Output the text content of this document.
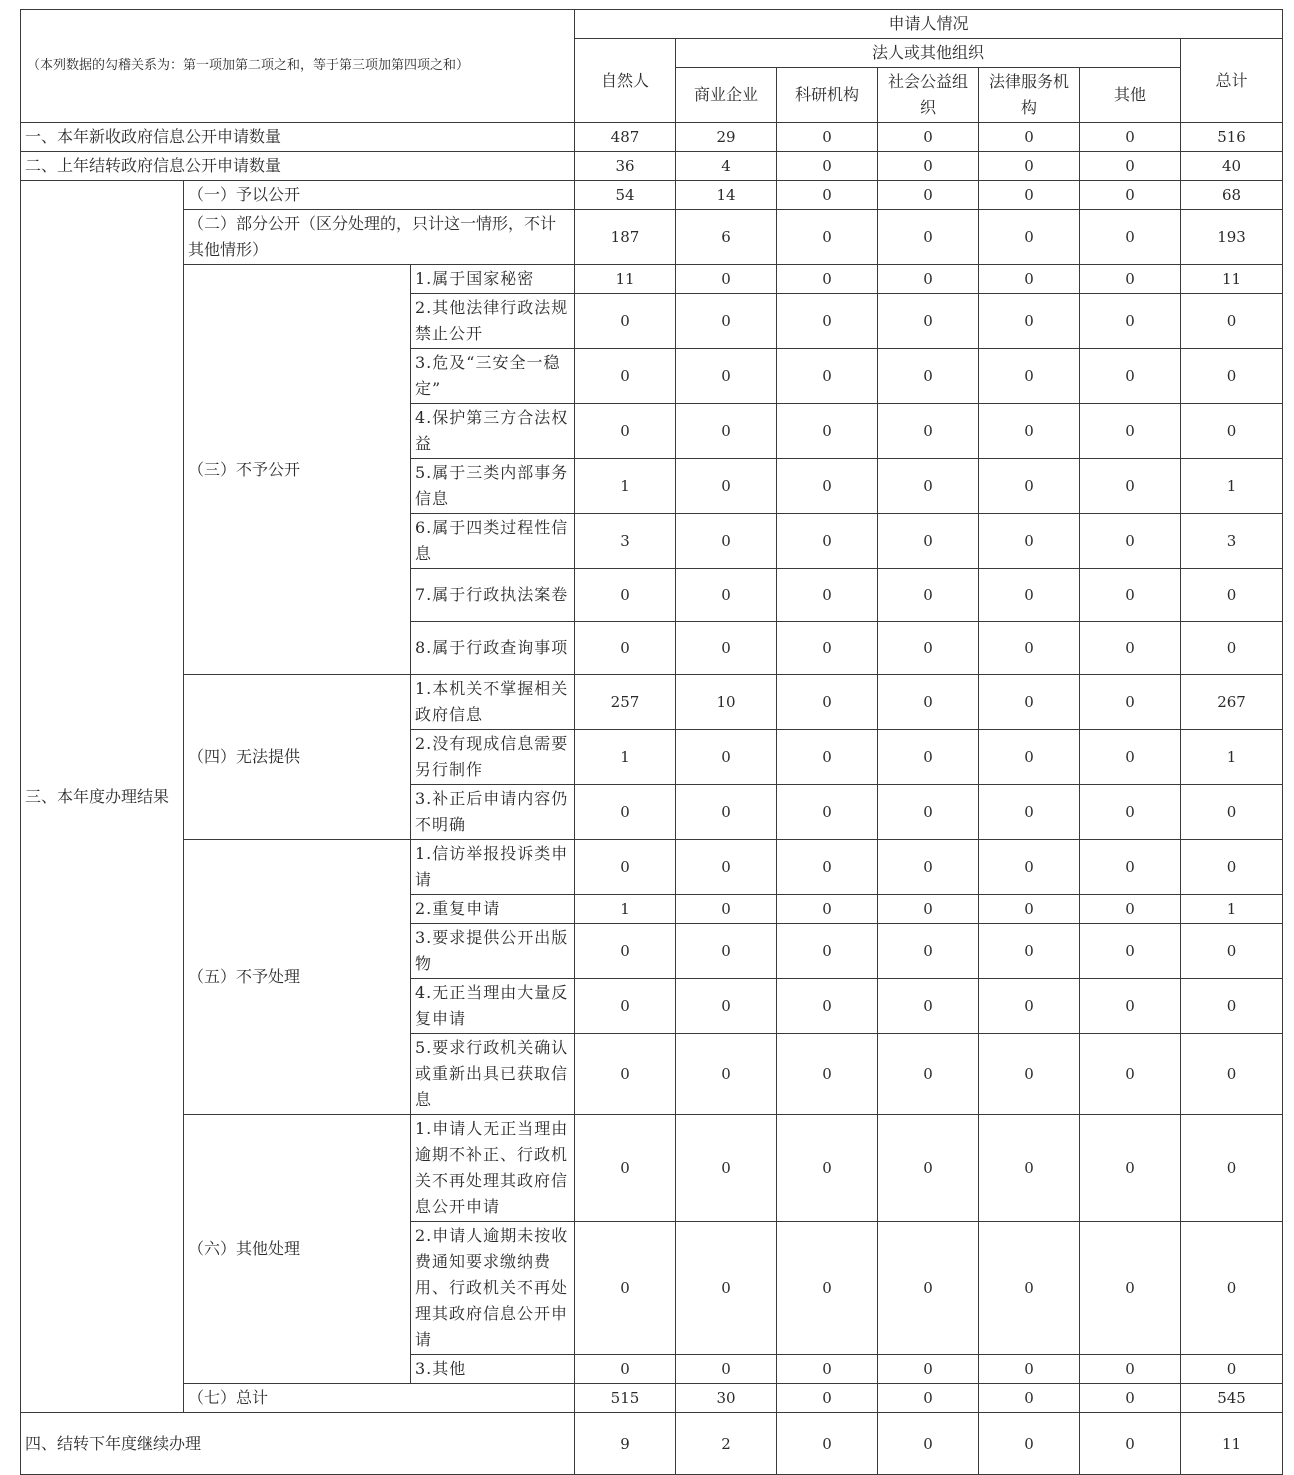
（本列数据的勾稽关系为：第一项加第二项之和，等于第三项加第四项之和）			申请人情况						
			自然人	法人或其他组织					总计
				商业企业	科研机构	社会公益组织	法律服务机构	其他	
一、本年新收政府信息公开申请数量			487	29	0	0	0	0	516
二、上年结转政府信息公开申请数量			36	4	0	0	0	0	40
三、本年度办理结果	（一）予以公开		54	14	0	0	0	0	68
	（二）部分公开（区分处理的，只计这一情形，不计其他情形）		187	6	0	0	0	0	193
	（三）不予公开	1.属于国家秘密	11	0	0	0	0	0	11
		2.其他法律行政法规禁止公开	0	0	0	0	0	0	0
		3.危及“三安全一稳定”	0	0	0	0	0	0	0
		4.保护第三方合法权益	0	0	0	0	0	0	0
		5.属于三类内部事务信息	1	0	0	0	0	0	1
		6.属于四类过程性信息	3	0	0	0	0	0	3
		7.属于行政执法案卷	0	0	0	0	0	0	0
		8.属于行政查询事项	0	0	0	0	0	0	0
	（四）无法提供	1.本机关不掌握相关政府信息	257	10	0	0	0	0	267
		2.没有现成信息需要另行制作	1	0	0	0	0	0	1
		3.补正后申请内容仍不明确	0	0	0	0	0	0	0
	（五）不予处理	1.信访举报投诉类申请	0	0	0	0	0	0	0
		2.重复申请	1	0	0	0	0	0	1
		3.要求提供公开出版物	0	0	0	0	0	0	0
		4.无正当理由大量反复申请	0	0	0	0	0	0	0
		5.要求行政机关确认或重新出具已获取信息	0	0	0	0	0	0	0
	（六）其他处理	1.申请人无正当理由逾期不补正、行政机关不再处理其政府信息公开申请	0	0	0	0	0	0	0
		2.申请人逾期未按收费通知要求缴纳费用、行政机关不再处理其政府信息公开申请	0	0	0	0	0	0	0
		3.其他	0	0	0	0	0	0	0
	（七）总计		515	30	0	0	0	0	545
四、结转下年度继续办理			9	2	0	0	0	0	11
